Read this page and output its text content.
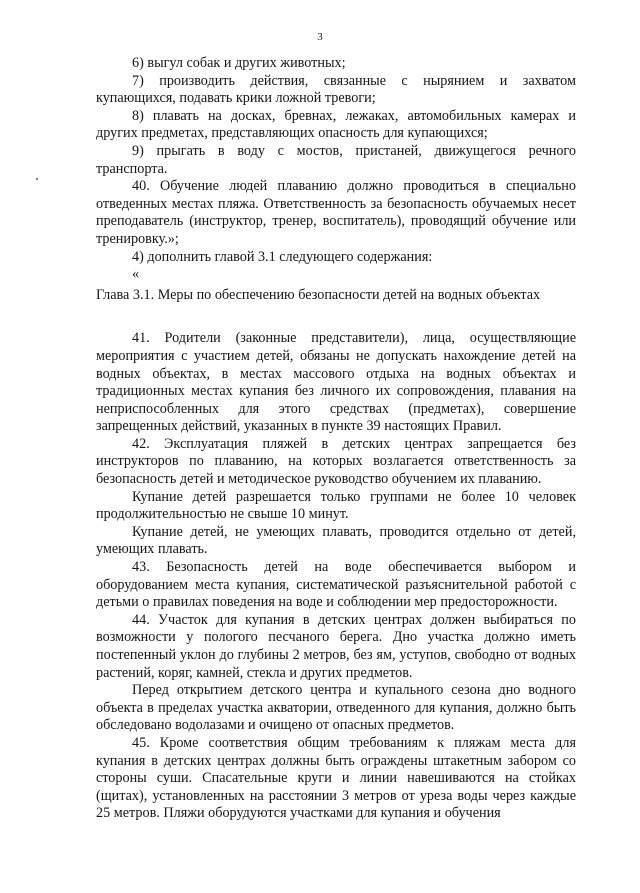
3

6) выгул собак и других животных;

7) производить действия, связанные с нырянием и захватом купающихся, подавать крики ложной тревоги;

8) плавать на досках, бревнах, лежаках, автомобильных камерах и других предметах, представляющих опасность для купающихся;

9) прыгать в воду с мостов, пристаней, движущегося речного транспорта.

40. Обучение людей плаванию должно проводиться в специально отведенных местах пляжа. Ответственность за безопасность обучаемых несет преподаватель (инструктор, тренер, воспитатель), проводящий обучение или тренировку.»;

4) дополнить главой 3.1 следующего содержания:

«

Глава 3.1. Меры по обеспечению безопасности детей на водных объектах

41. Родители (законные представители), лица, осуществляющие мероприятия с участием детей, обязаны не допускать нахождение детей на водных объектах, в местах массового отдыха на водных объектах и традиционных местах купания без личного их сопровождения, плавания на неприспособленных для этого средствах (предметах), совершение запрещенных действий, указанных в пункте 39 настоящих Правил.

42. Эксплуатация пляжей в детских центрах запрещается без инструкторов по плаванию, на которых возлагается ответственность за безопасность детей и методическое руководство обучением их плаванию.

Купание детей разрешается только группами не более 10 человек продолжительностью не свыше 10 минут.

Купание детей, не умеющих плавать, проводится отдельно от детей, умеющих плавать.

43. Безопасность детей на воде обеспечивается выбором и оборудованием места купания, систематической разъяснительной работой с детьми о правилах поведения на воде и соблюдении мер предосторожности.

44. Участок для купания в детских центрах должен выбираться по возможности у пологого песчаного берега. Дно участка должно иметь постепенный уклон до глубины 2 метров, без ям, уступов, свободно от водных растений, коряг, камней, стекла и других предметов.

Перед открытием детского центра и купального сезона дно водного объекта в пределах участка акватории, отведенного для купания, должно быть обследовано водолазами и очищено от опасных предметов.

45. Кроме соответствия общим требованиям к пляжам места для купания в детских центрах должны быть ограждены штакетным забором со стороны суши. Спасательные круги и линии навешиваются на стойках (щитах), установленных на расстоянии 3 метров от уреза воды через каждые 25 метров. Пляжи оборудуются участками для купания и обучения
